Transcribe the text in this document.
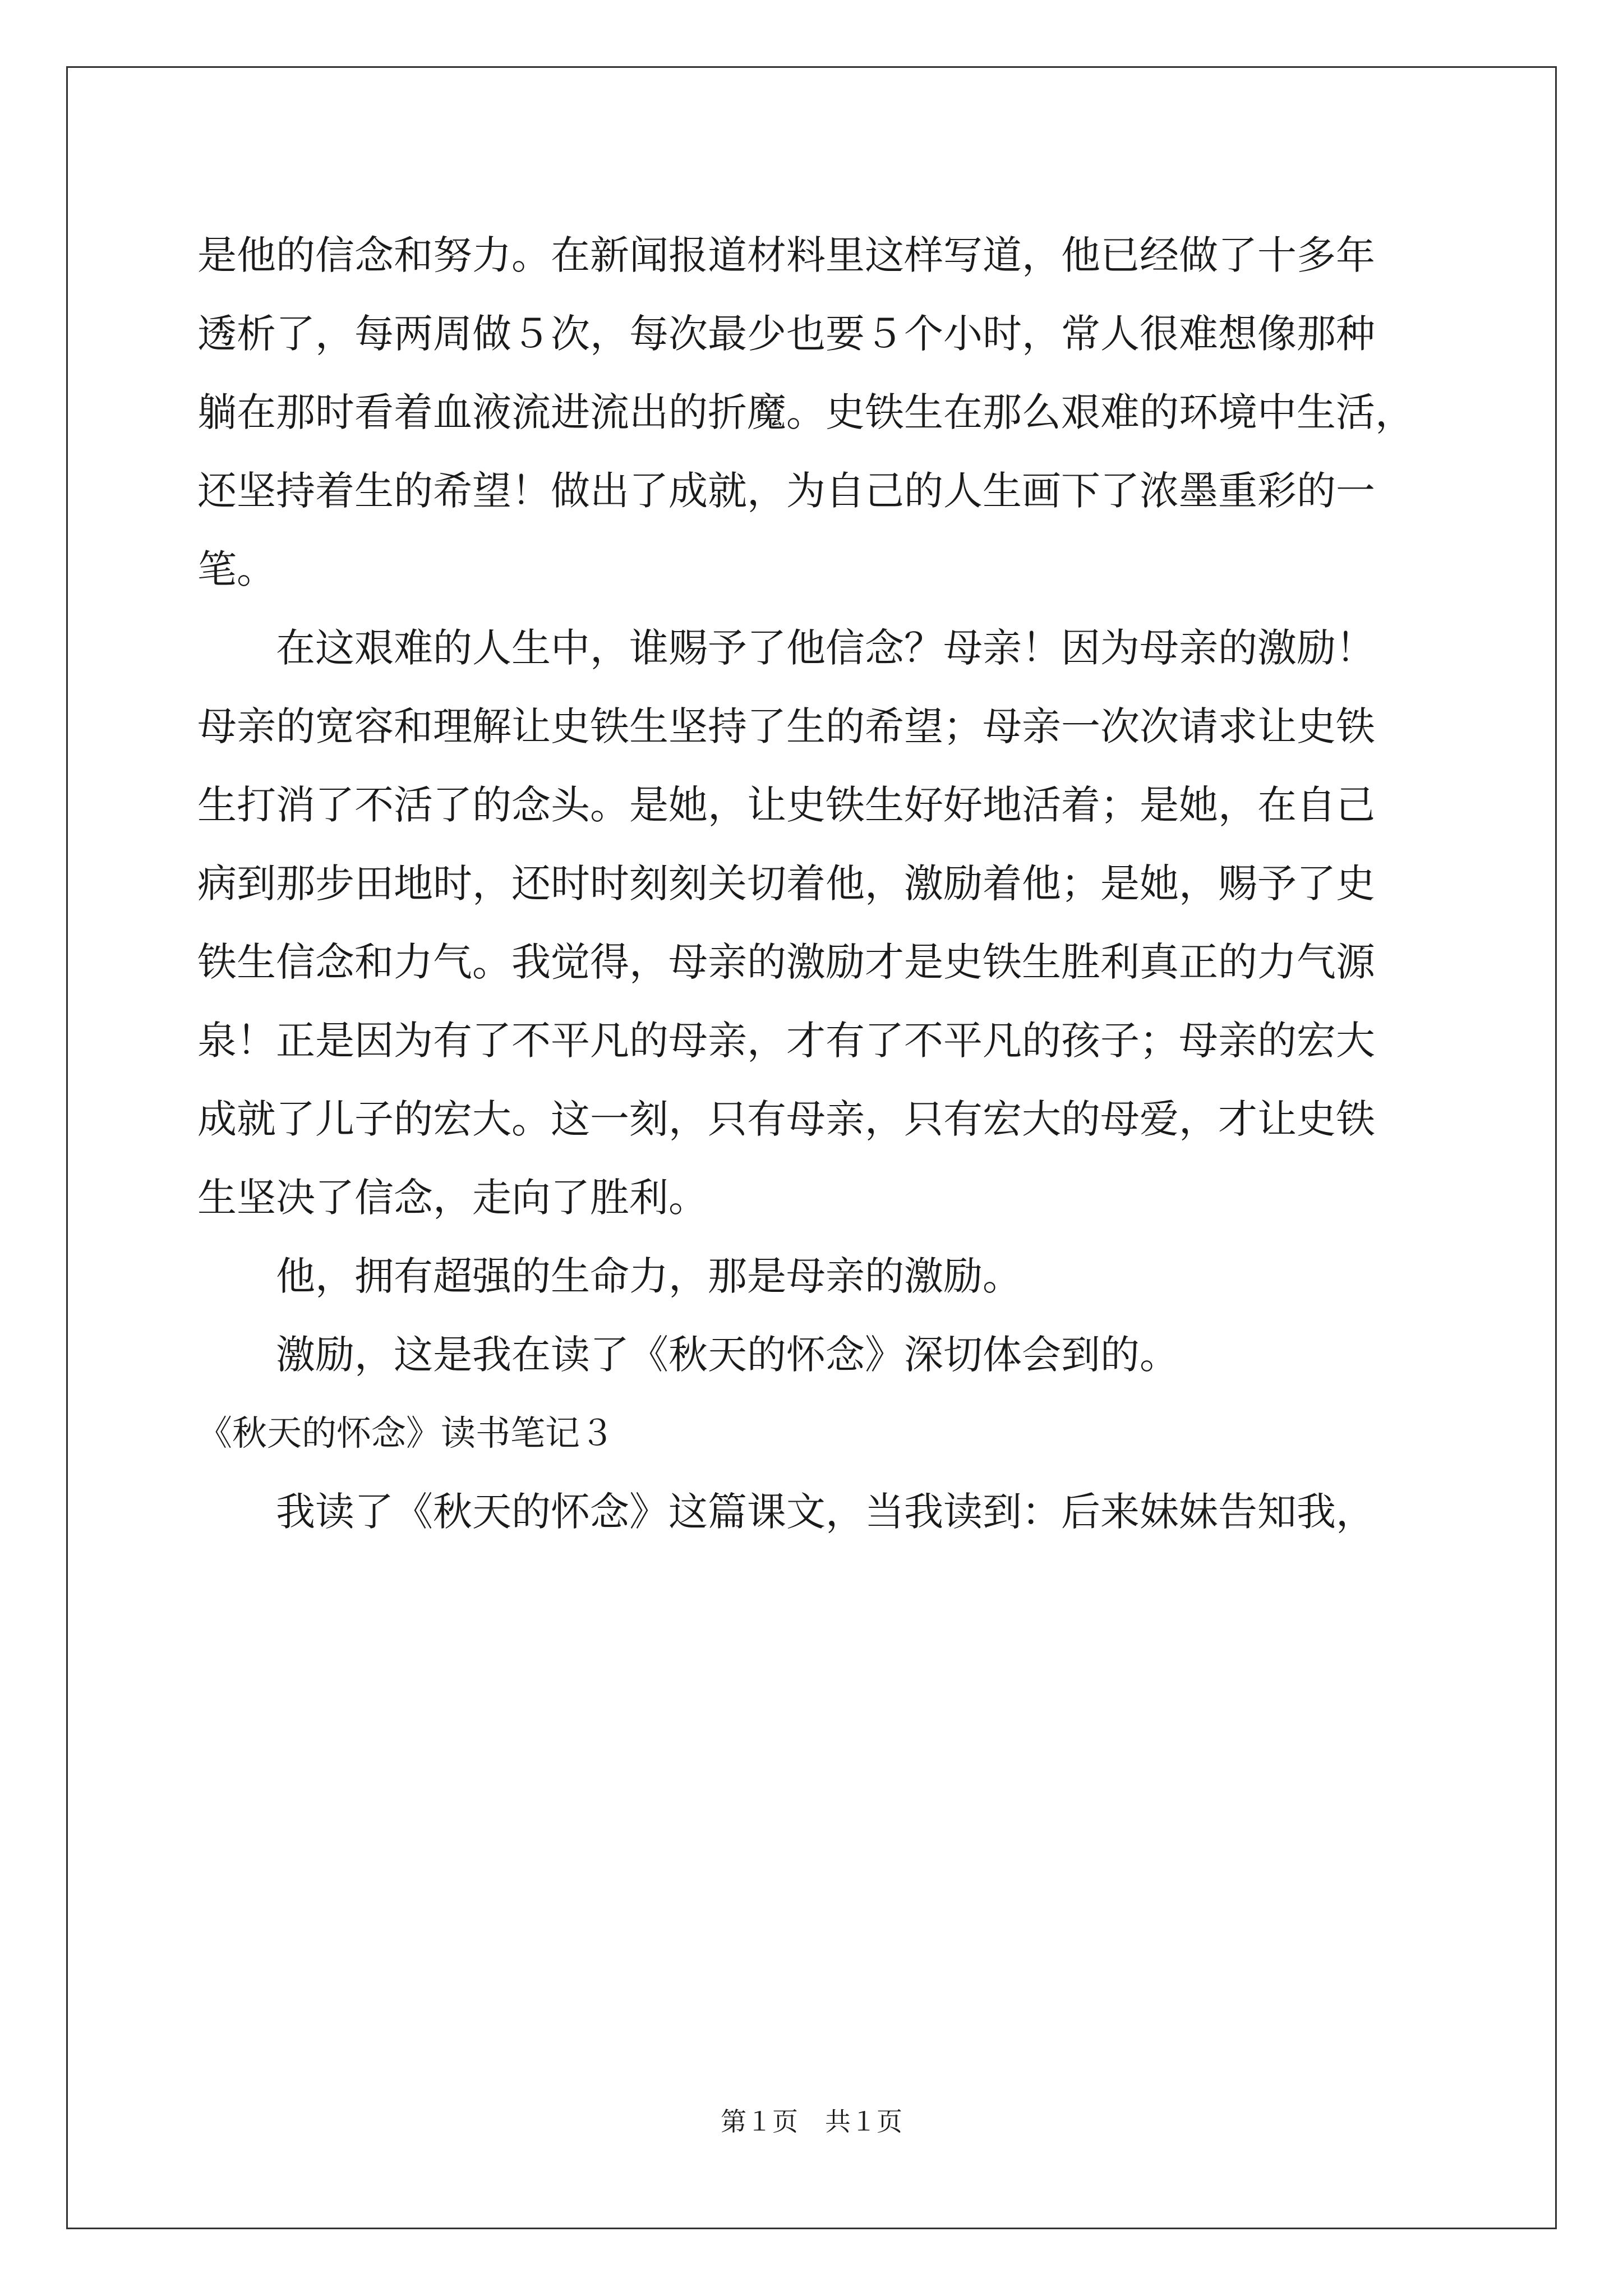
是他的信念和努力。在新闻报道材料里这样写道，他已经做了十多年
透析了，每两周做５次，每次最少也要５个小时，常人很难想像那种
躺在那时看着血液流进流出的折魔。史铁生在那么艰难的环境中生活，
还坚持着生的希望！做出了成就，为自己的人生画下了浓墨重彩的一
笔。
在这艰难的人生中，谁赐予了他信念？母亲！因为母亲的激励！
母亲的宽容和理解让史铁生坚持了生的希望；母亲一次次请求让史铁
生打消了不活了的念头。是她，让史铁生好好地活着；是她，在自己
病到那步田地时，还时时刻刻关切着他，激励着他；是她，赐予了史
铁生信念和力气。我觉得，母亲的激励才是史铁生胜利真正的力气源
泉！正是因为有了不平凡的母亲，才有了不平凡的孩子；母亲的宏大
成就了儿子的宏大。这一刻，只有母亲，只有宏大的母爱，才让史铁
生坚决了信念，走向了胜利。
他，拥有超强的生命力，那是母亲的激励。
激励，这是我在读了《秋天的怀念》深切体会到的。
《秋天的怀念》读书笔记３
我读了《秋天的怀念》这篇课文，当我读到：后来妹妹告知我，
第１页 共１页
